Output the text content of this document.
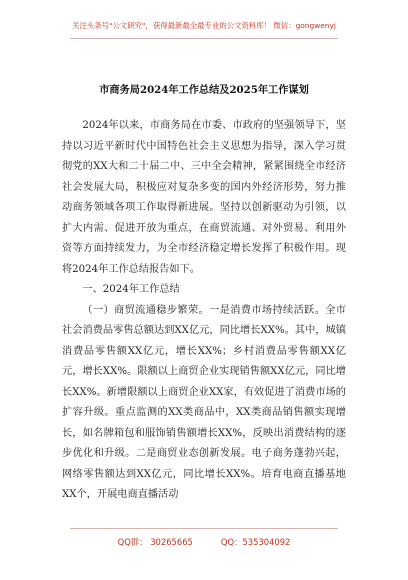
关注头条号"公文研究"，获得最新最全最专业的公文资料库！ 微信：gongwenyj
市商务局2024年工作总结及2025年工作谋划

2024年以来，市商务局在市委、市政府的坚强领导下，坚持以习近平新时代中国特色社会主义思想为指导，深入学习贯彻党的XX大和二十届二中、三中全会精神，紧紧围绕全市经济社会发展大局，积极应对复杂多变的国内外经济形势，努力推动商务领域各项工作取得新进展。坚持以创新驱动为引领，以扩大内需、促进开放为重点，在商贸流通、对外贸易、利用外资等方面持续发力，为全市经济稳定增长发挥了积极作用。现将2024年工作总结报告如下。

一、2024年工作总结

（一）商贸流通稳步繁荣。一是消费市场持续活跃。全市社会消费品零售总额达到XX亿元，同比增长XX%。其中，城镇消费品零售额XX亿元，增长XX%；乡村消费品零售额XX亿元，增长XX%。限额以上商贸企业实现销售额XX亿元，同比增长XX%。新增限额以上商贸企业XX家，有效促进了消费市场的扩容升级。重点监测的XX类商品中，XX类商品销售额实现增长，如名牌箱包和服饰销售额增长XX%，反映出消费结构的逐步优化和升级。二是商贸业态创新发展。电子商务蓬勃兴起，网络零售额达到XX亿元，同比增长XX%。培育电商直播基地XX个，开展电商直播活动

QQ群： 30265665	QQ：535304092
